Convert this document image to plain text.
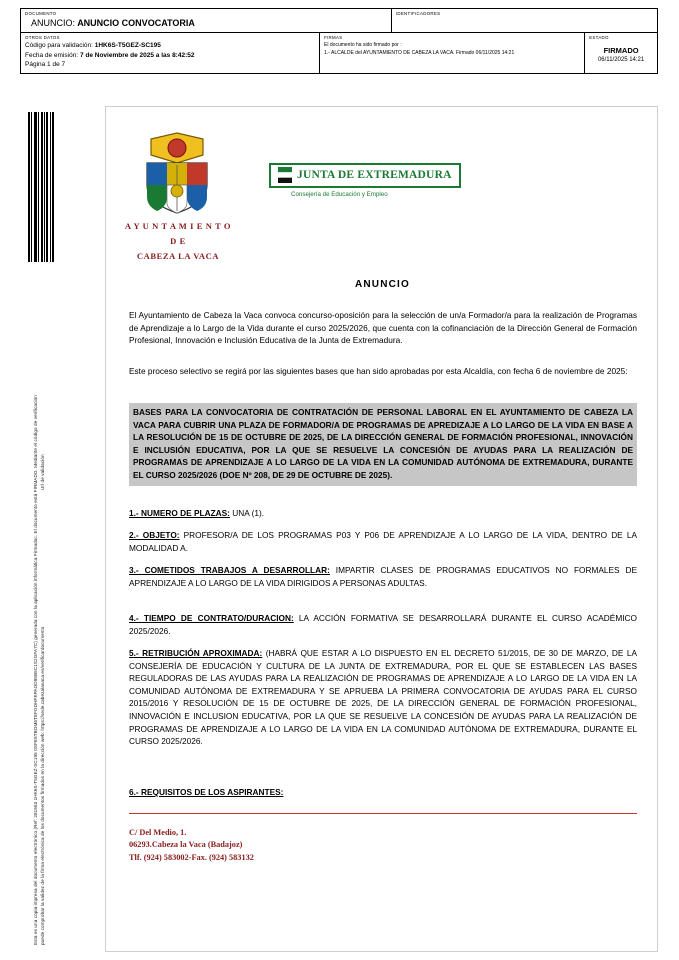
DOCUMENTO
ANUNCIO: ANUNCIO CONVOCATORIA
IDENTIFICADORES
OTROS DATOS
Código para validación: 1HK6S-T5GEZ-SC195
Fecha de emisión: 7 de Noviembre de 2025 a las 8:42:52
Página 1 de 7
FIRMAS
El documento ha sido firmado por :
1.- ALCALDE del AYUNTAMIENTO DE CABEZA LA VACA. Firmado 06/11/2025 14:21
ESTADO
FIRMADO
06/11/2025 14:21
Url de validación
Esta es una copia impresa del documento electrónico (Ref: 281563 1HK6S-T5GEZ-SC195 0SFE5TBOM6TEFGDHFEPAOD85B5C1S2GFA7C) generada con la aplicación informática Firmadoc. El documento está FIRMADO. Mediante el código de verificación puede comprobar la validez de la firma electrónica de los documentos firmados en la dirección web: https://sede.cabezalavaca.es/verificardocumento
A Y U N T A M I E N T O
D E
CABEZA LA VACA
JUNTA DE EXTREMADURA
Consejería de Educación y Empleo
ANUNCIO
El Ayuntamiento de Cabeza la Vaca convoca concurso-oposición para la selección de un/a Formador/a para la realización de Programas de Aprendizaje a lo Largo de la Vida durante el curso 2025/2026, que cuenta con la cofinanciación de la Dirección General de Formación Profesional, Innovación e Inclusión Educativa de la Junta de Extremadura.
Este proceso selectivo se regirá por las siguientes bases que han sido aprobadas por esta Alcaldía, con fecha 6 de noviembre de 2025:
BASES PARA LA CONVOCATORIA DE CONTRATACIÓN DE PERSONAL LABORAL EN EL AYUNTAMIENTO DE CABEZA LA VACA PARA CUBRIR UNA PLAZA DE FORMADOR/A DE PROGRAMAS DE APREDIZAJE A LO LARGO DE LA VIDA EN BASE A LA RESOLUCIÓN DE 15 DE OCTUBRE DE 2025, DE LA DIRECCIÓN GENERAL DE FORMACIÓN PROFESIONAL, INNOVACIÓN E INCLUSIÓN EDUCATIVA, POR LA QUE SE RESUELVE LA CONCESIÓN DE AYUDAS PARA LA REALIZACIÓN DE PROGRAMAS DE APRENDIZAJE A LO LARGO DE LA VIDA EN LA COMUNIDAD AUTÓNOMA DE EXTREMADURA, DURANTE EL CURSO 2025/2026 (DOE Nº 208, DE 29 DE OCTUBRE DE 2025).
1.- NUMERO DE PLAZAS: UNA (1).
2.- OBJETO: PROFESOR/A DE LOS PROGRAMAS P03 Y P06 DE APRENDIZAJE A LO LARGO DE LA VIDA, DENTRO DE LA MODALIDAD A.
3.- COMETIDOS TRABAJOS A DESARROLLAR: IMPARTIR CLASES DE PROGRAMAS EDUCATIVOS NO FORMALES DE APRENDIZAJE A LO LARGO DE LA VIDA DIRIGIDOS A PERSONAS ADULTAS.
4.- TIEMPO DE CONTRATO/DURACION: LA ACCIÓN FORMATIVA SE DESARROLLARÁ DURANTE EL CURSO ACADÉMICO 2025/2026.
5.- RETRIBUCIÓN APROXIMADA: (HABRÁ QUE ESTAR A LO DISPUESTO EN EL DECRETO 51/2015, DE 30 DE MARZO, DE LA CONSEJERÍA DE EDUCACIÓN Y CULTURA DE LA JUNTA DE EXTREMADURA, POR EL QUE SE ESTABLECEN LAS BASES REGULADORAS DE LAS AYUDAS PARA LA REALIZACIÓN DE PROGRAMAS DE APRENDIZAJE A LO LARGO DE LA VIDA EN LA COMUNIDAD AUTÓNOMA DE EXTREMADURA Y SE APRUEBA LA PRIMERA CONVOCATORIA DE AYUDAS PARA EL CURSO 2015/2016 Y RESOLUCIÓN DE 15 DE OCTUBRE DE 2025, DE LA DIRECCIÓN GENERAL DE FORMACIÓN PROFESIONAL, INNOVACIÓN E INCLUSION EDUCATIVA, POR LA QUE SE RESUELVE LA CONCESIÓN DE AYUDAS PARA LA REALIZACIÓN DE PROGRAMAS DE APRENDIZAJE A LO LARGO DE LA VIDA EN LA COMUNIDAD AUTÓNOMA DE EXTREMADURA, DURANTE EL CURSO 2025/2026.
6.- REQUISITOS DE LOS ASPIRANTES:
C/ Del Medio, 1.
06293.Cabeza la Vaca (Badajoz)
Tlf. (924) 583002-Fax. (924) 583132
